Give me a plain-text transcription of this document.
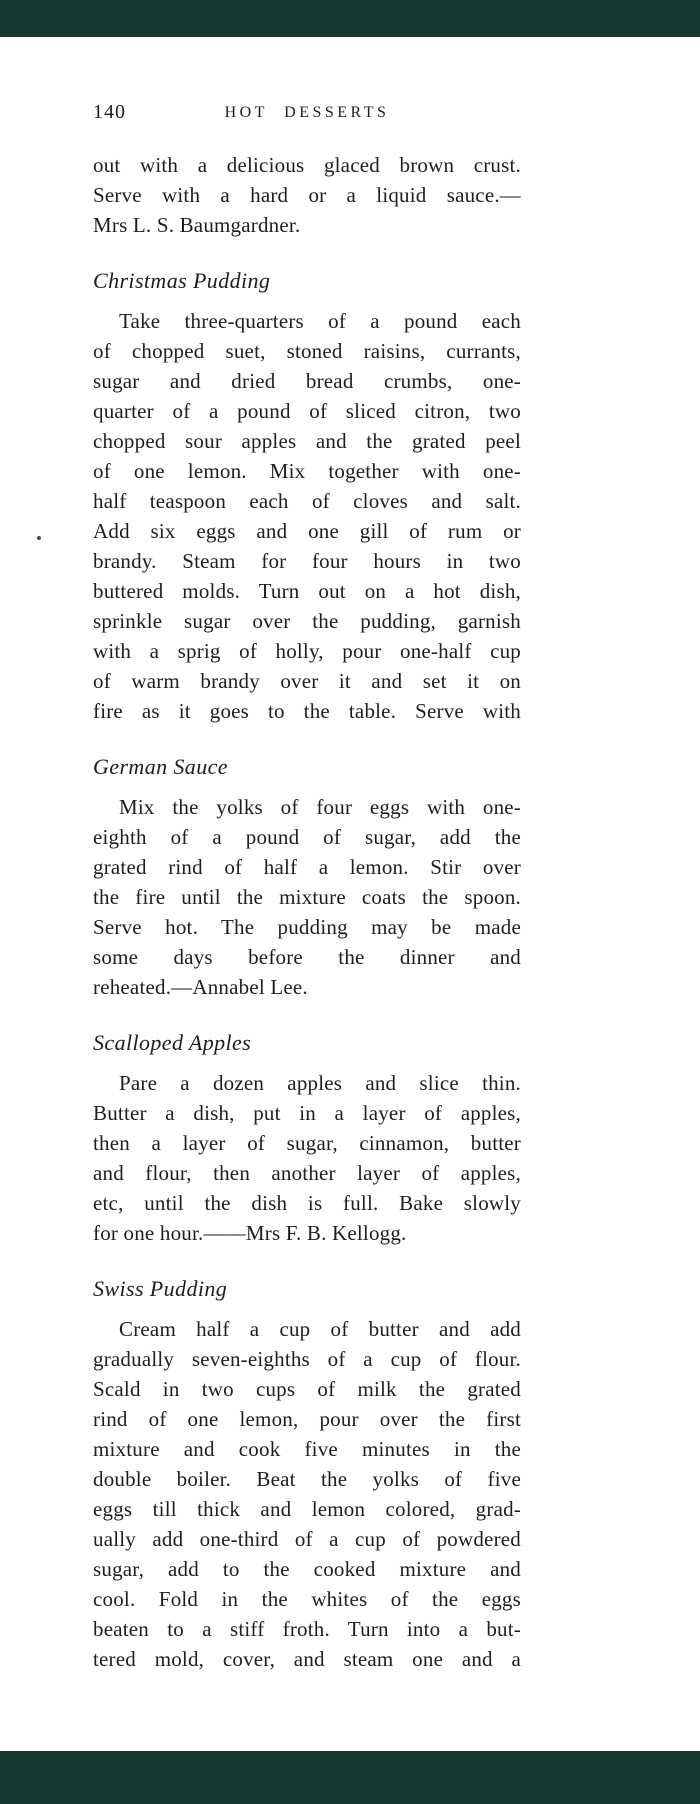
140	HOT DESSERTS
out with a delicious glaced brown crust.
Serve with a hard or a liquid sauce.—
Mrs L. S. Baumgardner.
Christmas Pudding
Take three-quarters of a pound each
of chopped suet, stoned raisins, currants,
sugar and dried bread crumbs, one-
quarter of a pound of sliced citron, two
chopped sour apples and the grated peel
of one lemon. Mix together with one-
half teaspoon each of cloves and salt.
Add six eggs and one gill of rum or
brandy. Steam for four hours in two
buttered molds. Turn out on a hot dish,
sprinkle sugar over the pudding, garnish
with a sprig of holly, pour one-half cup
of warm brandy over it and set it on
fire as it goes to the table. Serve with
German Sauce
Mix the yolks of four eggs with one-
eighth of a pound of sugar, add the
grated rind of half a lemon. Stir over
the fire until the mixture coats the spoon.
Serve hot. The pudding may be made
some days before the dinner and
reheated.—Annabel Lee.
Scalloped Apples
Pare a dozen apples and slice thin.
Butter a dish, put in a layer of apples,
then a layer of sugar, cinnamon, butter
and flour, then another layer of apples,
etc, until the dish is full. Bake slowly
for one hour.——Mrs F. B. Kellogg.
Swiss Pudding
Cream half a cup of butter and add
gradually seven-eighths of a cup of flour.
Scald in two cups of milk the grated
rind of one lemon, pour over the first
mixture and cook five minutes in the
double boiler. Beat the yolks of five
eggs till thick and lemon colored, grad-
ually add one-third of a cup of powdered
sugar, add to the cooked mixture and
cool. Fold in the whites of the eggs
beaten to a stiff froth. Turn into a but-
tered mold, cover, and steam one and a
